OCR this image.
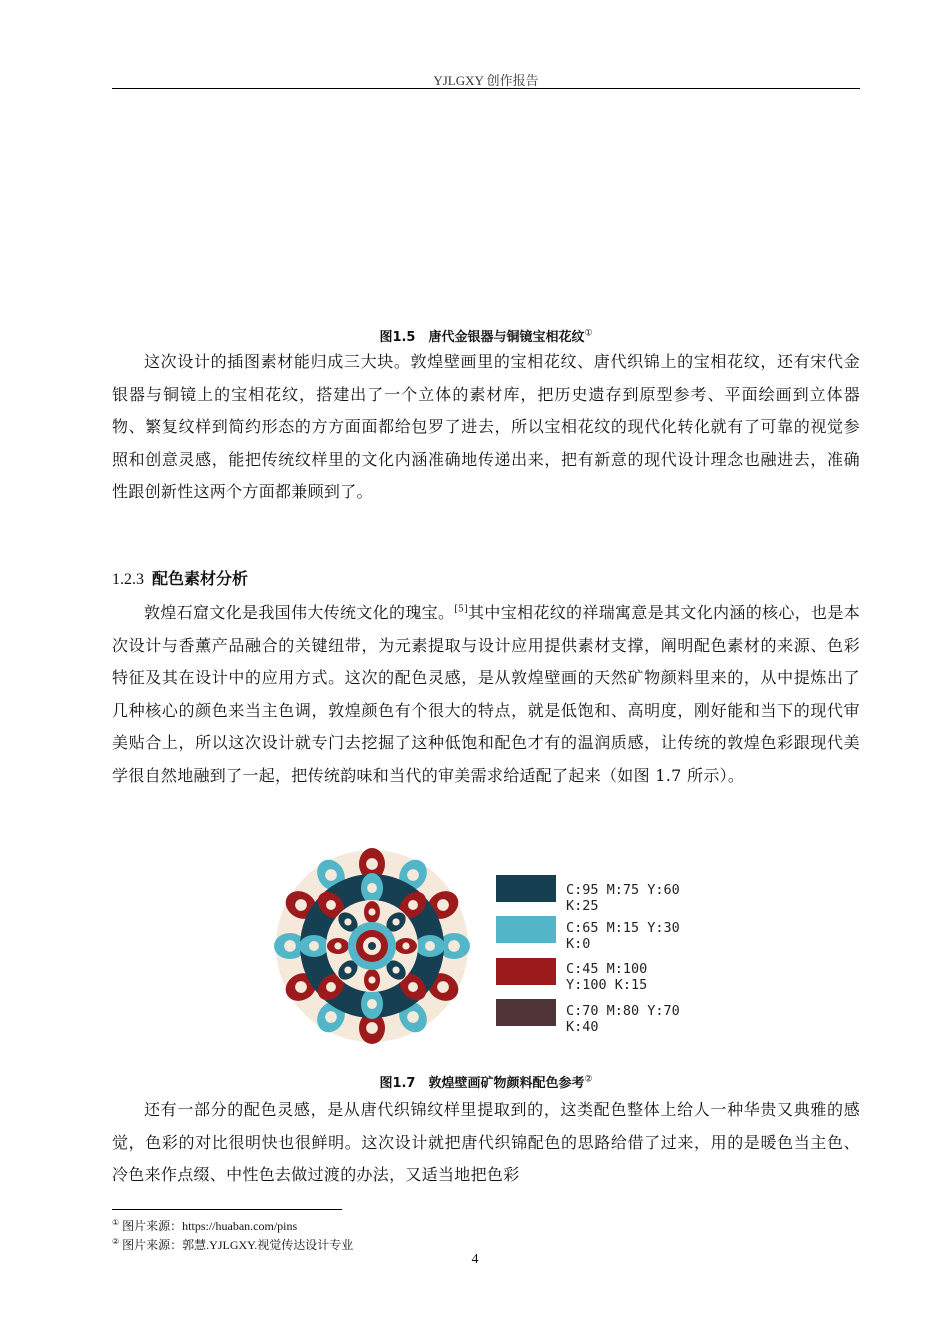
YJLGXY 创作报告
图1.5　唐代金银器与铜镜宝相花纹①

这次设计的插图素材能归成三大块。敦煌壁画里的宝相花纹、唐代织锦上的宝相花纹，还有宋代金银器与铜镜上的宝相花纹，搭建出了一个立体的素材库，把历史遗存到原型参考、平面绘画到立体器物、繁复纹样到简约形态的方方面面都给包罗了进去，所以宝相花纹的现代化转化就有了可靠的视觉参照和创意灵感，能把传统纹样里的文化内涵准确地传递出来，把有新意的现代设计理念也融进去，准确性跟创新性这两个方面都兼顾到了。

1.2.3 配色素材分析

敦煌石窟文化是我国伟大传统文化的瑰宝。[5]其中宝相花纹的祥瑞寓意是其文化内涵的核心，也是本次设计与香薰产品融合的关键纽带，为元素提取与设计应用提供素材支撑，阐明配色素材的来源、色彩特征及其在设计中的应用方式。这次的配色灵感，是从敦煌壁画的天然矿物颜料里来的，从中提炼出了几种核心的颜色来当主色调，敦煌颜色有个很大的特点，就是低饱和、高明度，刚好能和当下的现代审美贴合上，所以这次设计就专门去挖掘了这种低饱和配色才有的温润质感，让传统的敦煌色彩跟现代美学很自然地融到了一起，把传统韵味和当代的审美需求给适配了起来（如图 1.7 所示）。

C:95 M:75 Y:60 K:25
C:65 M:15 Y:30 K:0
C:45 M:100 Y:100 K:15
C:70 M:80 Y:70 K:40
图1.7　敦煌壁画矿物颜料配色参考②

还有一部分的配色灵感，是从唐代织锦纹样里提取到的，这类配色整体上给人一种华贵又典雅的感觉，色彩的对比很明快也很鲜明。这次设计就把唐代织锦配色的思路给借了过来，用的是暖色当主色、冷色来作点缀、中性色去做过渡的办法，又适当地把色彩

① 图片来源：https://huaban.com/pins
② 图片来源：郭慧.YJLGXY.视觉传达设计专业
4
